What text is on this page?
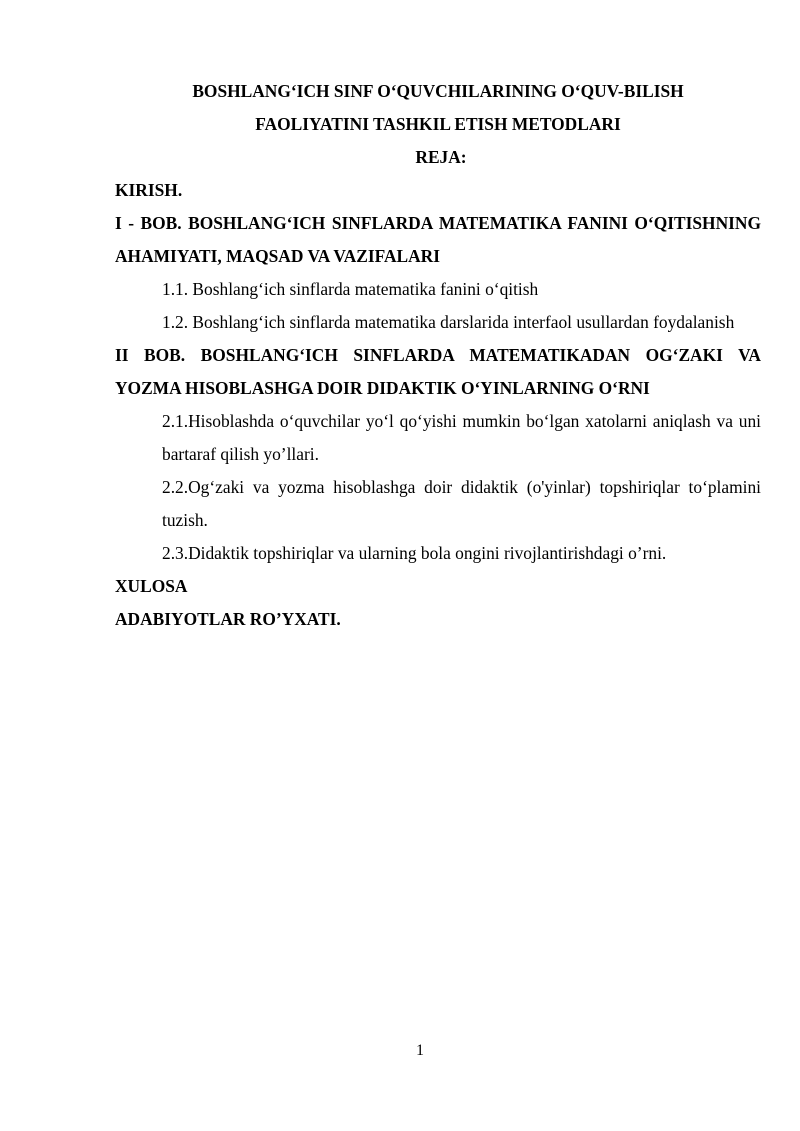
BOSHLANG‘ICH SINF O‘QUVCHILARINING O‘QUV-BILISH

FAOLIYATINI TASHKIL ETISH METODLARI

REJA:

KIRISH.

I - BOB. BOSHLANG‘ICH SINFLARDA MATEMATIKA FANINI O‘QITISHNING AHAMIYATI, MAQSAD VA VAZIFALARI

1.1. Boshlang‘ich sinflarda matematika fanini o‘qitish

1.2. Boshlang‘ich sinflarda matematika darslarida interfaol usullardan foydalanish

II BOB. BOSHLANG‘ICH SINFLARDA MATEMATIKADAN OG‘ZAKI VA YOZMA HISOBLASHGA DOIR DIDAKTIK O‘YINLARNING O‘RNI

2.1.Hisoblashda o‘quvchilar yo‘l qo‘yishi mumkin bo‘lgan xatolarni aniqlash va uni bartaraf qilish yo’llari.

2.2.Og‘zaki va yozma hisoblashga doir didaktik (o'yinlar) topshiriqlar to‘plamini tuzish.

2.3.Didaktik topshiriqlar va ularning bola ongini rivojlantirishdagi o’rni.

XULOSA

ADABIYOTLAR RO’YXATI.

1
